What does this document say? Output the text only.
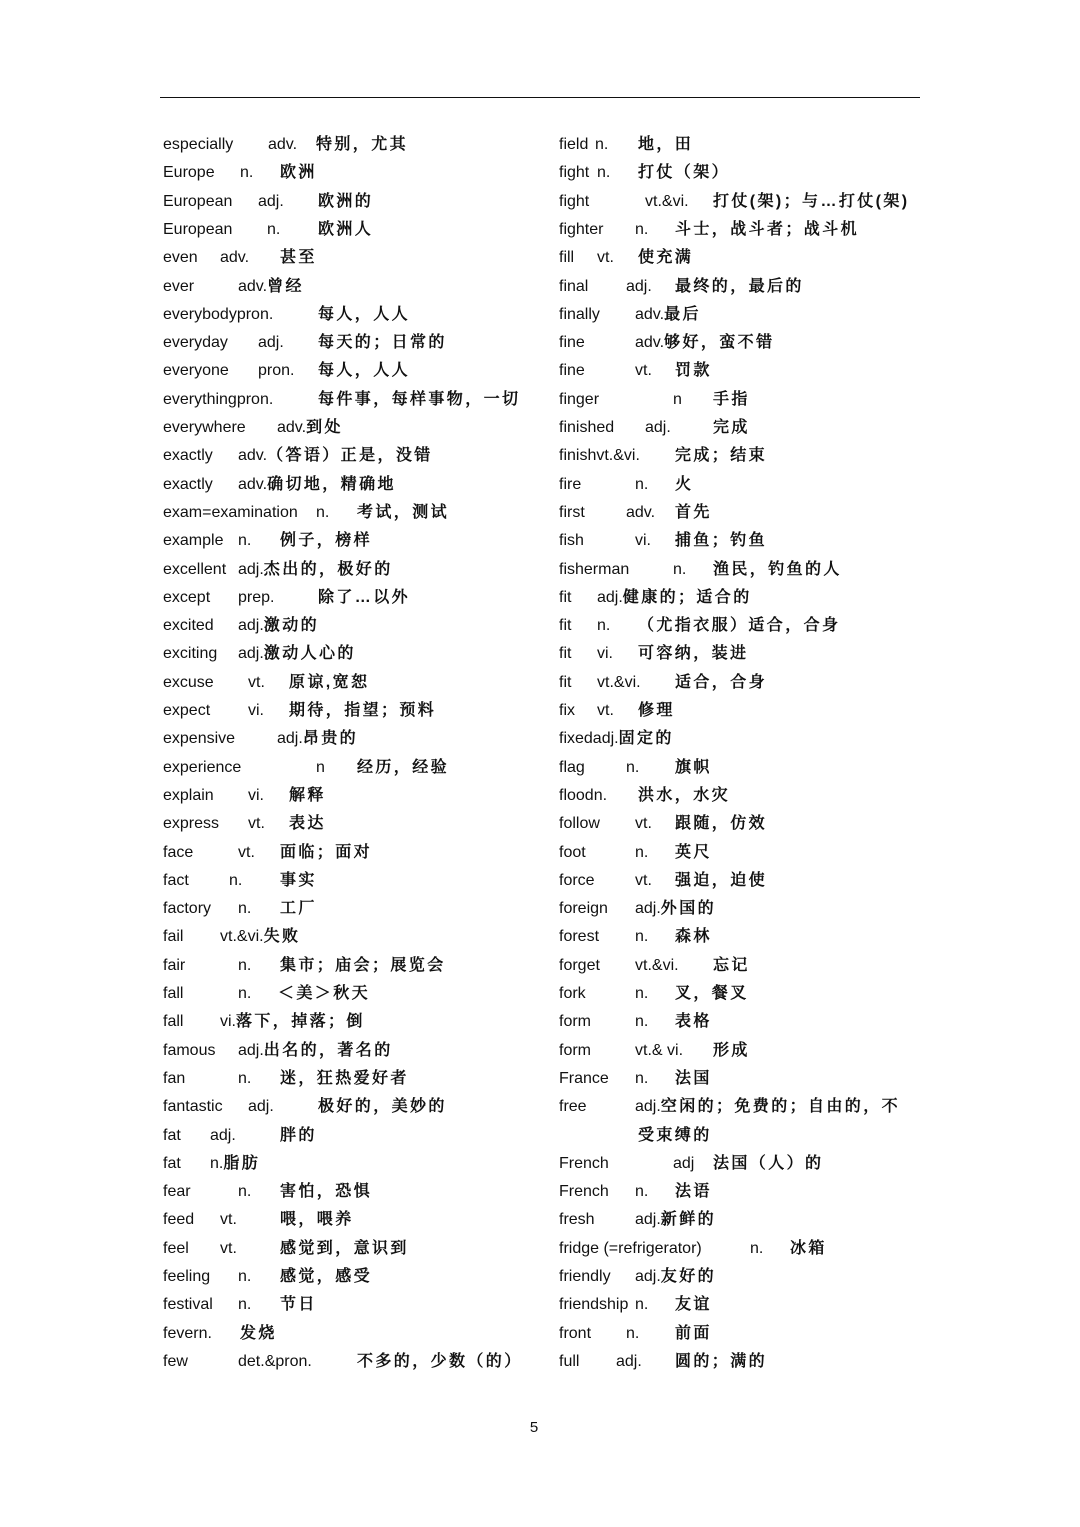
especially adv. 特别，尤其
Europe n. 欧洲
European adj. 欧洲的
European n. 欧洲人
even adv. 甚至
ever	adv.曾经
everybodypron.	每人，人人
everyday adj. 每天的；日常的
everyone pron. 每人，人人
everythingpron.	每件事，每样事物，一切
everywhere adv.到处
exactly adv.（答语）正是，没错
exactly adv.确切地，精确地
exam=examination n. 考试，测试
example n. 例子，榜样
excellent adj.杰出的，极好的
except prep.	除了…以外
excited adj.激动的
exciting adj.激动人心的
excuse vt. 原谅,宽恕
expect vi. 期待，指望；预料
expensive	adj.昂贵的
experience	n 经历，经验
explain vi. 解释
express vt. 表达
face	vt. 面临；面对
fact	n. 事实
factory n. 工厂
fail vt.&vi.失败
fair	n. 集市；庙会；展览会
fall	n. ＜美＞秋天
fall vi.落下，掉落；倒
famous adj.出名的，著名的
fan	n. 迷，狂热爱好者
fantastic adj.	极好的，美妙的
fat adj.	胖的
fat n.脂肪
fear	n. 害怕，恐惧
feed vt.	喂，喂养
feel vt.	感觉到，意识到
feeling n. 感觉，感受
festival n. 节日
fevern. 发烧
few	det.&pron.	不多的，少数（的）
field n. 地，田
fight n. 打仗（架）
fight	vt.&vi. 打仗(架)；与…打仗(架)
fighter n. 斗士，战斗者；战斗机
fill vt. 使充满
final adj. 最终的，最后的
finally adv.最后
fine	adv.够好，蛮不错
fine	vt. 罚款
finger	n 手指
finished adj.	完成
finishvt.&vi. 完成；结束
fire	n. 火
first	adv. 首先
fish	vi. 捕鱼；钓鱼
fisherman	n. 渔民，钓鱼的人
fit adj.健康的；适合的
fit n. （尤指衣服）适合，合身
fit vi. 可容纳，装进
fit vt.&vi. 适合，合身
fix vt. 修理
fixedadj.固定的
flag	n. 旗帜
floodn. 洪水，水灾
follow vt. 跟随，仿效
foot	n. 英尺
force	vt. 强迫，迫使
foreign adj.外国的
forest n. 森林
forget vt.&vi. 忘记
fork	n. 叉，餐叉
form	n. 表格
form	vt.& vi. 形成
France n. 法国
free	adj.空闲的；免费的；自由的，不
受束缚的
French	adj 法国（人）的
French n. 法语
fresh	adj.新鲜的
fridge (=refrigerator)	n. 冰箱
friendly adj.友好的
friendship n. 友谊
front n. 前面
full adj. 圆的；满的
5
